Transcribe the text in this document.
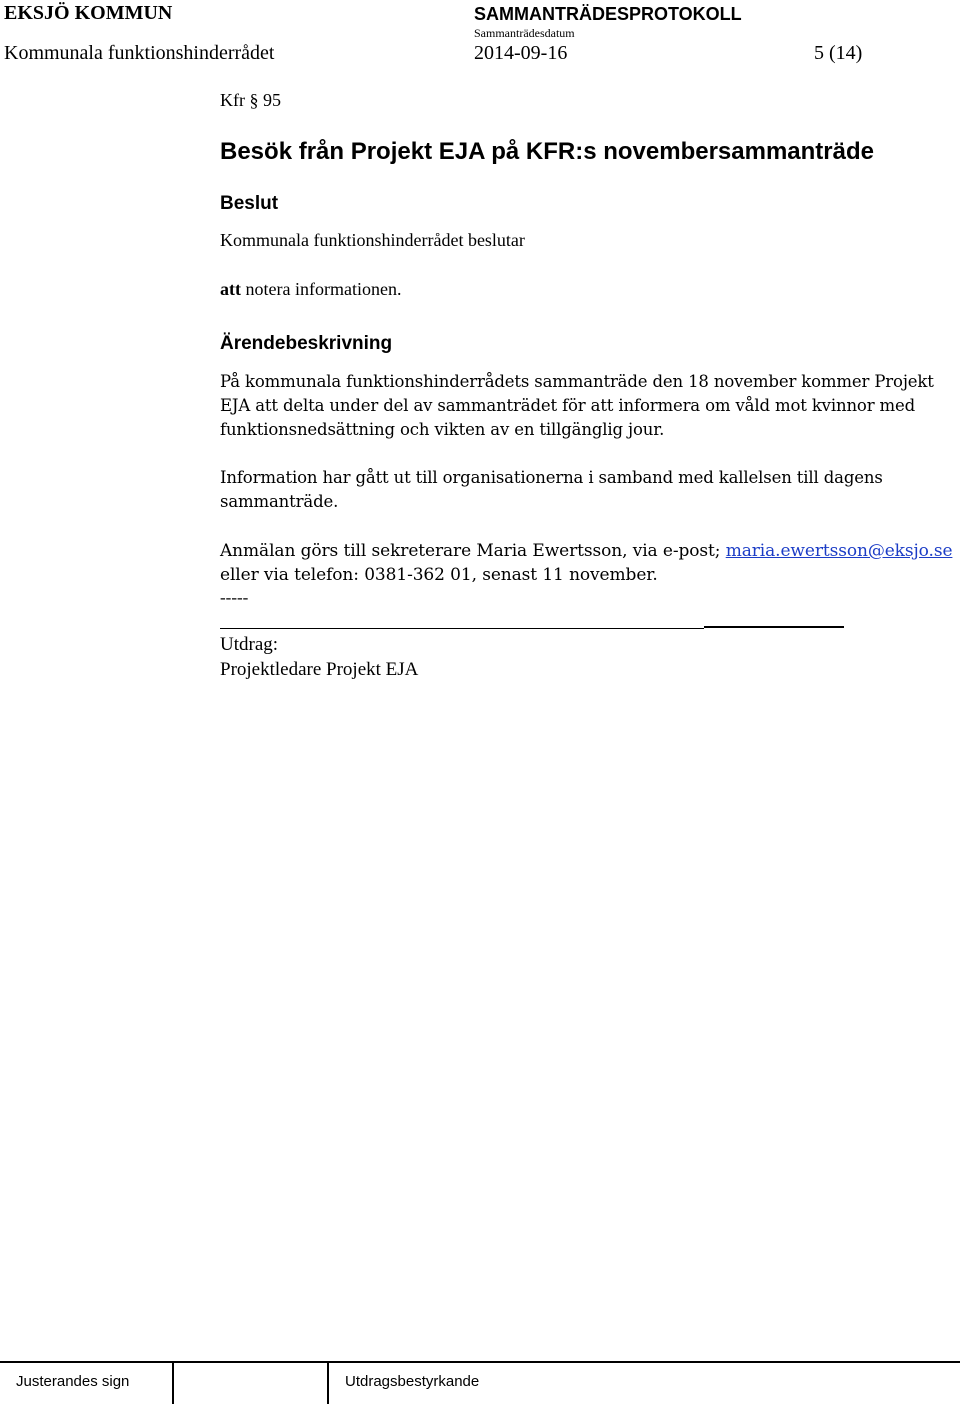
EKSJÖ KOMMUN	SAMMANTRÄDESPROTOKOLL
Sammanträdesdatum
Kommunala funktionshinderrådet	2014-09-16	5 (14)
Kfr § 95
Besök från Projekt EJA på KFR:s novembersammanträde
Beslut
Kommunala funktionshinderrådet beslutar
att notera informationen.
Ärendebeskrivning
På kommunala funktionshinderrådets sammanträde den 18 november kommer Projekt
EJA att delta under del av sammanträdet för att informera om våld mot kvinnor med
funktionsnedsättning och vikten av en tillgänglig jour.
Information har gått ut till organisationerna i samband med kallelsen till dagens
sammanträde.
Anmälan görs till sekreterare Maria Ewertsson, via e-post; maria.ewertsson@eksjo.se
eller via telefon: 0381-362 01, senast 11 november.
-----
Utdrag:
Projektledare Projekt EJA
Justerandes sign	Utdragsbestyrkande
